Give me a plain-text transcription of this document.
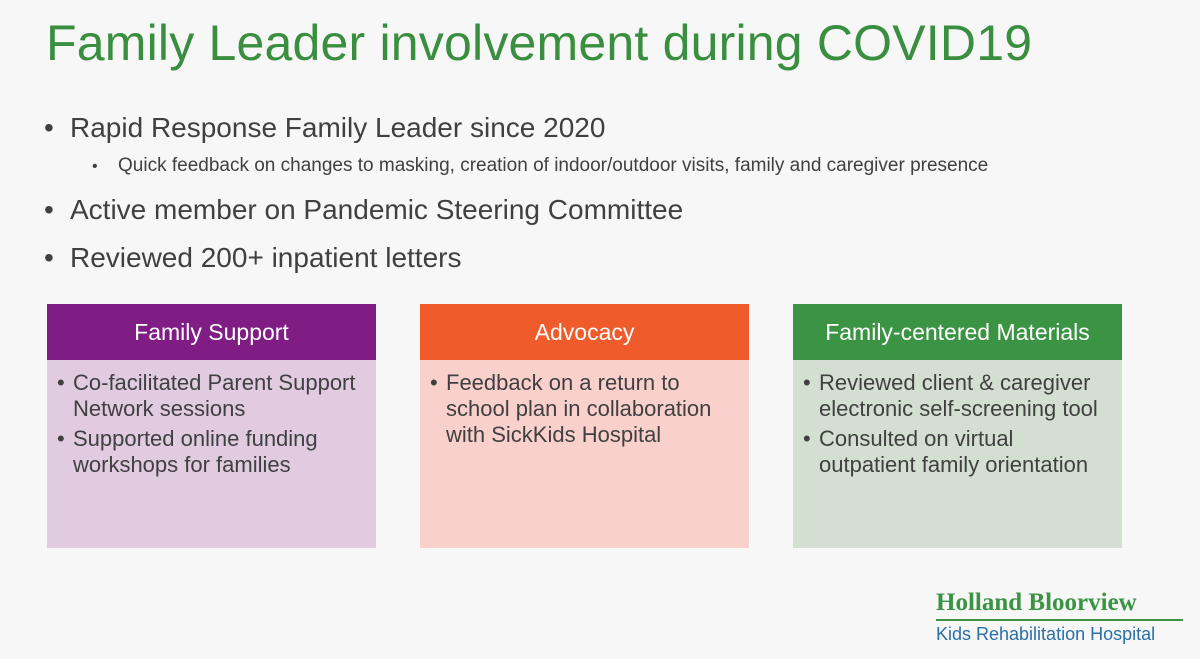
Family Leader involvement during COVID19
• Rapid Response Family Leader since 2020
•	Quick feedback on changes to masking, creation of indoor/outdoor visits, family and caregiver presence
• Active member on Pandemic Steering Committee
• Reviewed 200+ inpatient letters
Family Support
• Co-facilitated Parent Support Network sessions
• Supported online funding workshops for families
Advocacy
• Feedback on a return to school plan in collaboration with SickKids Hospital
Family-centered Materials
• Reviewed client & caregiver electronic self-screening tool
• Consulted on virtual outpatient family orientation
Holland Bloorview
Kids Rehabilitation Hospital
